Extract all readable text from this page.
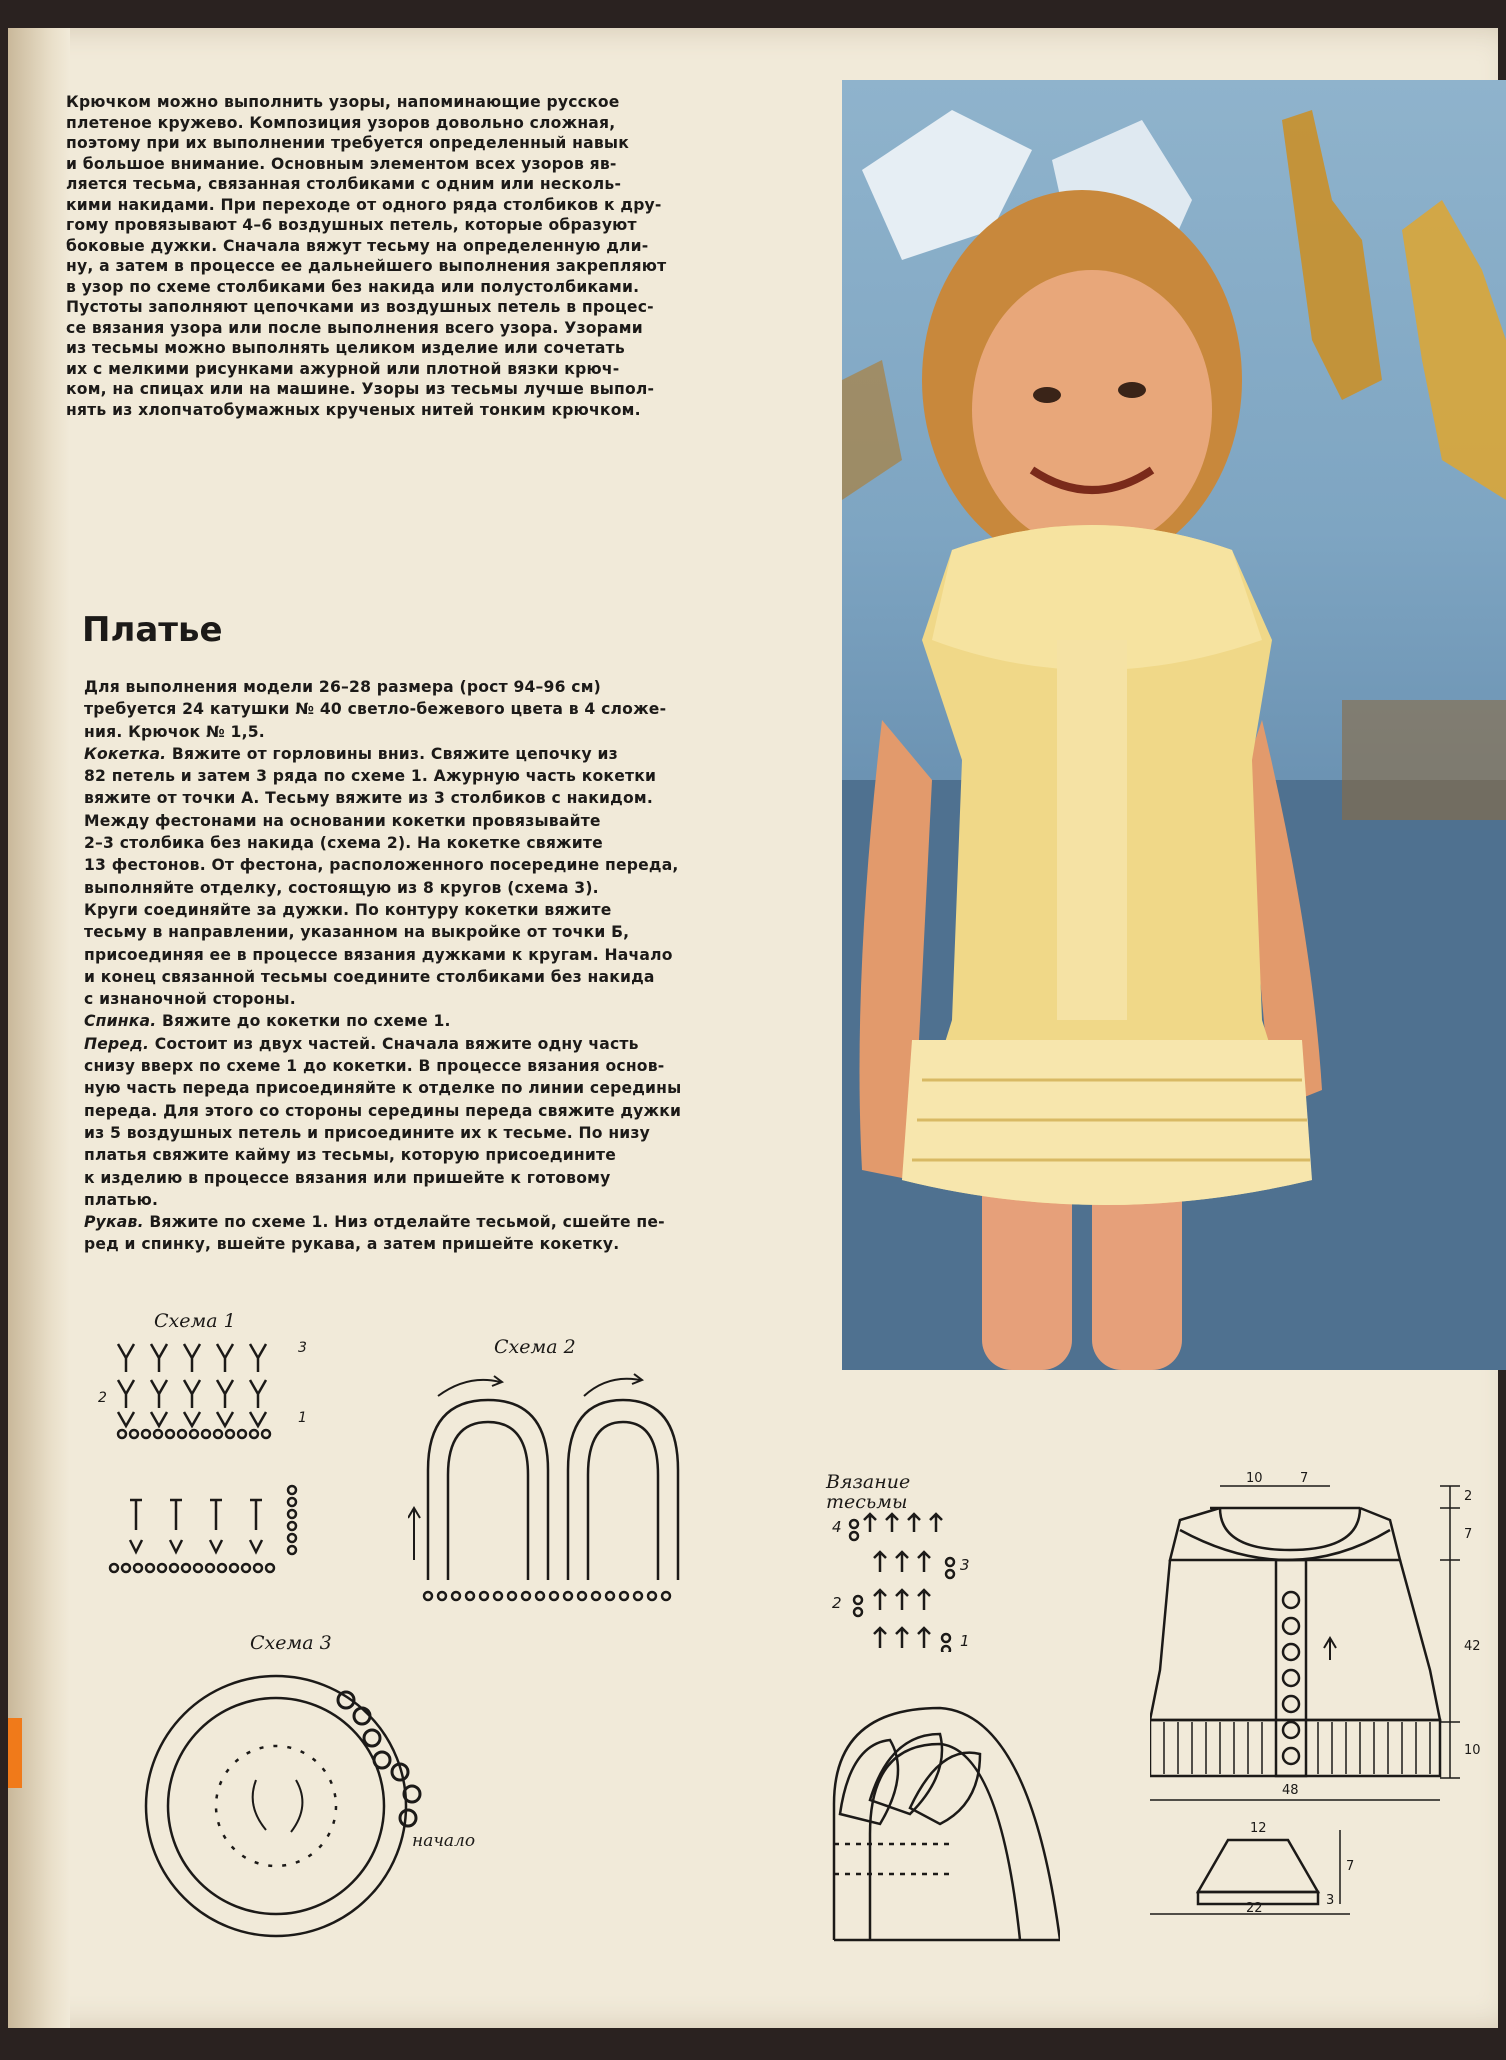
Крючком можно выполнить узоры, напоминающие русское
плетеное кружево. Композиция узоров довольно сложная,
поэтому при их выполнении требуется определенный навык
и большое внимание. Основным элементом всех узоров яв-
ляется тесьма, связанная столбиками с одним или несколь-
кими накидами. При переходе от одного ряда столбиков к дру-
гому провязывают 4–6 воздушных петель, которые образуют
боковые дужки. Сначала вяжут тесьму на определенную дли-
ну, а затем в процессе ее дальнейшего выполнения закрепляют
в узор по схеме столбиками без накида или полустолбиками.
Пустоты заполняют цепочками из воздушных петель в процес-
се вязания узора или после выполнения всего узора. Узорами
из тесьмы можно выполнять целиком изделие или сочетать
их с мелкими рисунками ажурной или плотной вязки крюч-
ком, на спицах или на машине. Узоры из тесьмы лучше выпол-
нять из хлопчатобумажных крученых нитей тонким крючком.
Платье
Для выполнения модели 26–28 размера (рост 94–96 см)
требуется 24 катушки № 40 светло-бежевого цвета в 4 сложе-
ния. Крючок № 1,5.
Кокетка. Вяжите от горловины вниз. Свяжите цепочку из
82 петель и затем 3 ряда по схеме 1. Ажурную часть кокетки
вяжите от точки А. Тесьму вяжите из 3 столбиков с накидом.
Между фестонами на основании кокетки провязывайте
2–3 столбика без накида (схема 2). На кокетке свяжите
13 фестонов. От фестона, расположенного посередине переда,
выполняйте отделку, состоящую из 8 кругов (схема 3).
Круги соединяйте за дужки. По контуру кокетки вяжите
тесьму в направлении, указанном на выкройке от точки Б,
присоединяя ее в процессе вязания дужками к кругам. Начало
и конец связанной тесьмы соедините столбиками без накида
с изнаночной стороны.
Спинка. Вяжите до кокетки по схеме 1.
Перед. Состоит из двух частей. Сначала вяжите одну часть
снизу вверх по схеме 1 до кокетки. В процессе вязания основ-
ную часть переда присоединяйте к отделке по линии середины
переда. Для этого со стороны середины переда свяжите дужки
из 5 воздушных петель и присоедините их к тесьме. По низу
платья свяжите кайму из тесьмы, которую присоедините
к изделию в процессе вязания или пришейте к готовому
платью.
Рукав. Вяжите по схеме 1. Низ отделайте тесьмой, сшейте пе-
ред и спинку, вшейте рукава, а затем пришейте кокетку.
Схема 1
Схема 2
Схема 3
Вязание
тесьмы
3
2
1
начало
4
3
2
1
10	7
2
7
42
10
48
12
7
3
22
